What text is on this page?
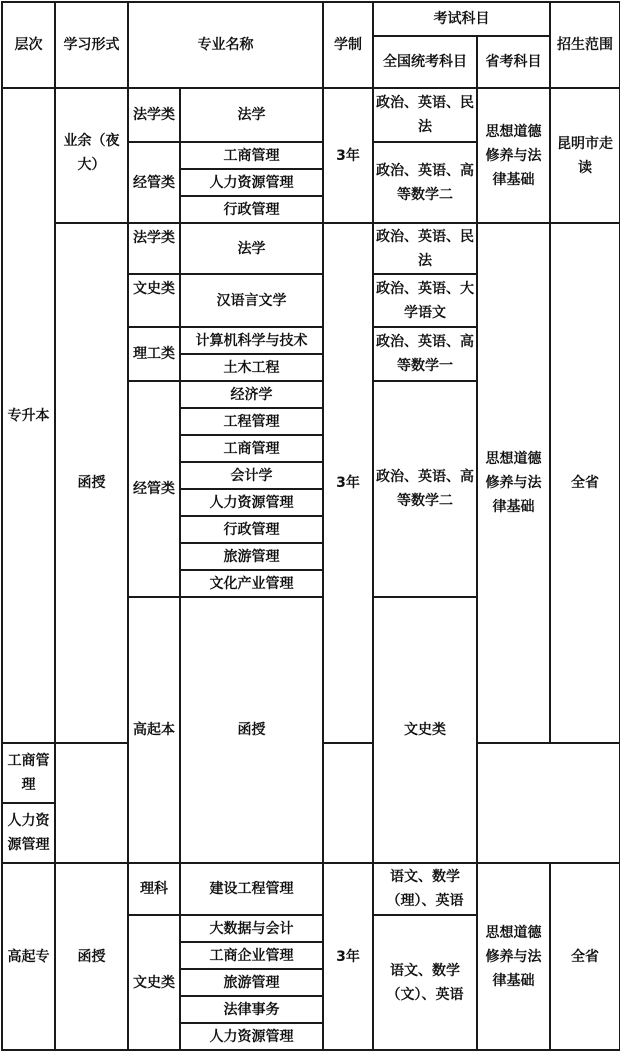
层次	学习形式	专业名称		学制	考试科目		招生范围	
					全国统考科目	省考科目		
专升本	业余（夜大）	法学类	法学	3年	政治、英语、民法	思想道德修养与法律基础	昆明市走读	
		经管类	工商管理		政治、英语、高等数学二			
			人力资源管理					
			行政管理					

	函授	法学类	法学	3年	政治、英语、民法	思想道德修养与法律基础	全省	
		文史类	汉语言文学		政治、英语、大学语文			
		理工类	计算机科学与技术		政治、英语、高等数学一			
			土木工程					
		经管类	经济学		政治、英语、高等数学二			
			工程管理					
			工商管理					
			会计学					
			人力资源管理					
			行政管理					
			旅游管理					
			文化产业管理					

		高起本	函授		文史类					
工商管理								
人力资源管理								
高起专	函授	理科	建设工程管理	3年	语文、数学（理）、英语	思想道德修养与法律基础	全省	
		文史类	大数据与会计		语文、数学（文）、英语			
			工商企业管理					
			旅游管理					
			法律事务					
			人力资源管理					
